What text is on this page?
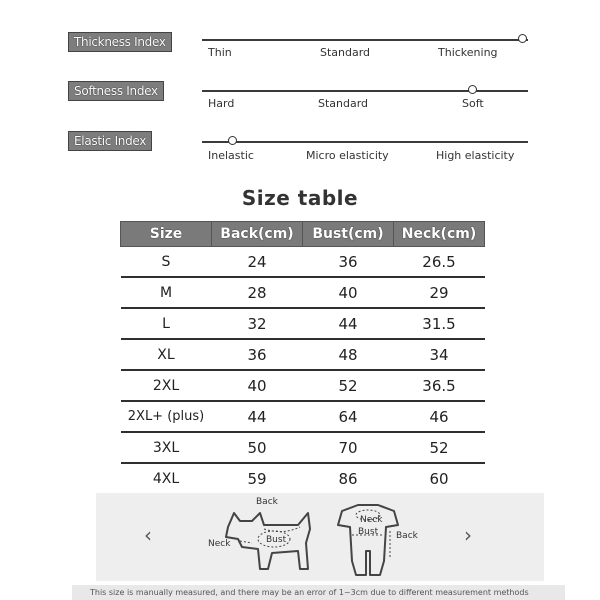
Thickness Index
Thin	Standard	Thickening
Softness Index
Hard	Standard	Soft
Elastic Index
Inelastic	Micro elasticity	High elasticity
Size table
Size	Back(cm)	Bust(cm)	Neck(cm)
S	24	36	26.5
M	28	40	29
L	32	44	31.5
XL	36	48	34
2XL	40	52	36.5
2XL+ (plus)	44	64	46
3XL	50	70	52
4XL	59	86	60
‹	›
Back
Neck	Bust
Neck
Bust Back
This size is manually measured, and there may be an error of 1~3cm due to different measurement methods
